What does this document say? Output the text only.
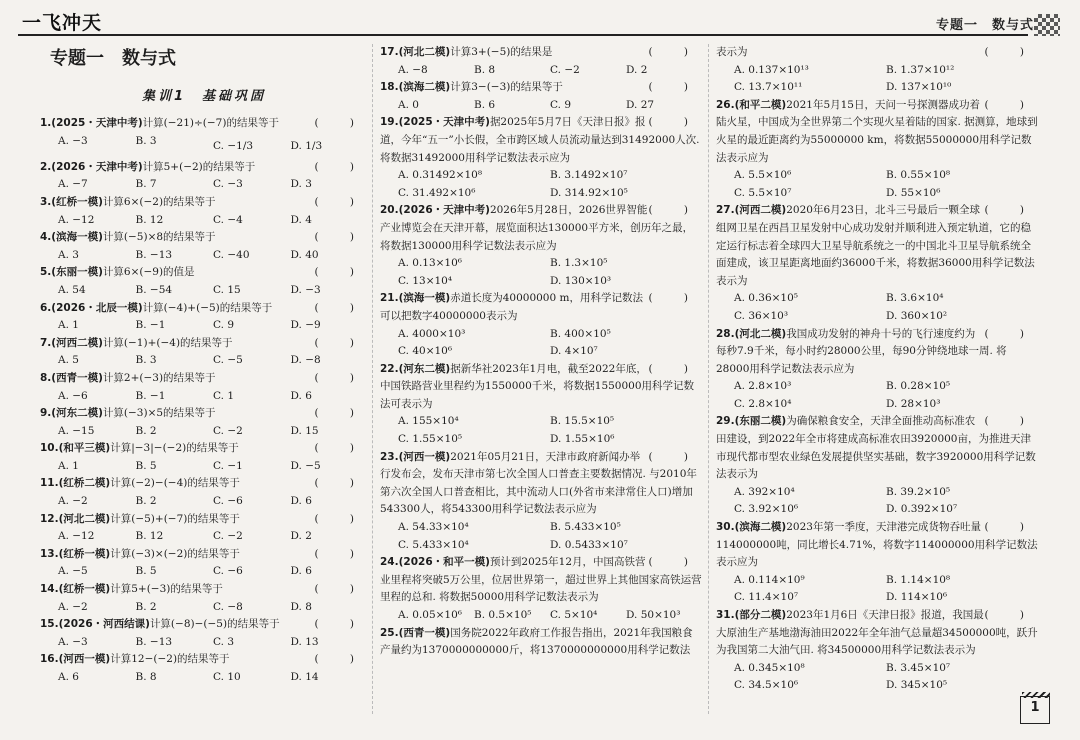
一飞冲天	专题一　数与式
专题一　数与式
集训1　基础巩固
( )
1.(2025・天津中考)计算(−21)÷(−7)的结果等于
A. −3	B. 3	C. −1/3	D. 1/3
( )
2.(2026・天津中考)计算5+(−2)的结果等于
A. −7	B. 7	C. −3	D. 3
( )
3.(红桥一模)计算6×(−2)的结果等于
A. −12	B. 12	C. −4	D. 4
( )
4.(滨海一模)计算(−5)×8的结果等于
A. 3	B. −13	C. −40	D. 40
( )
5.(东丽一模)计算6×(−9)的值是
A. 54	B. −54	C. 15	D. −3
( )
6.(2026・北辰一模)计算(−4)+(−5)的结果等于
A. 1	B. −1	C. 9	D. −9
( )
7.(河西二模)计算(−1)+(−4)的结果等于
A. 5	B. 3	C. −5	D. −8
( )
8.(西青一模)计算2+(−3)的结果等于
A. −6	B. −1	C. 1	D. 6
( )
9.(河东二模)计算(−3)×5的结果等于
A. −15	B. 2	C. −2	D. 15
( )
10.(和平三模)计算|−3|−(−2)的结果等于
A. 1	B. 5	C. −1	D. −5
( )
11.(红桥二模)计算(−2)−(−4)的结果等于
A. −2	B. 2	C. −6	D. 6
( )
12.(河北二模)计算(−5)+(−7)的结果等于
A. −12	B. 12	C. −2	D. 2
( )
13.(红桥一模)计算(−3)×(−2)的结果等于
A. −5	B. 5	C. −6	D. 6
( )
14.(红桥一模)计算5+(−3)的结果等于
A. −2	B. 2	C. −8	D. 8
( )
15.(2026・河西结课)计算(−8)−(−5)的结果等于
A. −3	B. −13	C. 3	D. 13
( )
16.(河西一模)计算12−(−2)的结果等于
A. 6	B. 8	C. 10	D. 14
( )
17.(河北二模)计算3+(−5)的结果是
A. −8	B. 8	C. −2	D. 2
( )
18.(滨海二模)计算3−(−3)的结果等于
A. 0	B. 6	C. 9	D. 27
( )
19.(2025・天津中考)据2025年5月7日《天津日报》报道，今年“五一”小长假，全市跨区域人员流动量达到31492000人次. 将数据31492000用科学记数法表示应为
A. 0.31492×10⁸	B. 3.1492×10⁷
C. 31.492×10⁶	D. 314.92×10⁵
( )
20.(2026・天津中考)2026年5月28日，2026世界智能产业博览会在天津开幕，展览面积达130000平方米，创历年之最，将数据130000用科学记数法表示应为
A. 0.13×10⁶	B. 1.3×10⁵
C. 13×10⁴	D. 130×10³
( )
21.(滨海一模)赤道长度为40000000 m，用科学记数法可以把数字40000000表示为
A. 4000×10³	B. 400×10⁵
C. 40×10⁶	D. 4×10⁷
( )
22.(河东二模)据新华社2023年1月电，截至2022年底，中国铁路营业里程约为1550000千米，将数据1550000用科学记数法可表示为
A. 155×10⁴	B. 15.5×10⁵
C. 1.55×10⁵	D. 1.55×10⁶
( )
23.(河西一模)2021年05月21日，天津市政府新闻办举行发布会，发布天津市第七次全国人口普查主要数据情况. 与2010年第六次全国人口普查相比，其中流动人口(外省市来津常住人口)增加543300人，将543300用科学记数法表示应为
A. 54.33×10⁴	B. 5.433×10⁵
C. 5.433×10⁴	D. 0.5433×10⁷
( )
24.(2026・和平一模)预计到2025年12月，中国高铁营业里程将突破5万公里，位居世界第一，超过世界上其他国家高铁运营里程的总和. 将数据50000用科学记数法表示为
A. 0.05×10⁶	B. 0.5×10⁵	C. 5×10⁴	D. 50×10³
25.(西青一模)国务院2022年政府工作报告指出，2021年我国粮食产量约为1370000000000斤，将1370000000000用科学记数法
( )
表示为
A. 0.137×10¹³	B. 1.37×10¹²
C. 13.7×10¹¹	D. 137×10¹⁰
( )
26.(和平二模)2021年5月15日，天问一号探测器成功着陆火星，中国成为全世界第二个实现火星着陆的国家. 据测算，地球到火星的最近距离约为55000000 km，将数据55000000用科学记数法表示应为
A. 5.5×10⁶	B. 0.55×10⁸
C. 5.5×10⁷	D. 55×10⁶
( )
27.(河西二模)2020年6月23日，北斗三号最后一颗全球组网卫星在西昌卫星发射中心成功发射并顺利进入预定轨道，它的稳定运行标志着全球四大卫星导航系统之一的中国北斗卫星导航系统全面建成，该卫星距离地面约36000千米，将数据36000用科学记数法表示为
A. 0.36×10⁵	B. 3.6×10⁴
C. 36×10³	D. 360×10²
( )
28.(河北二模)我国成功发射的神舟十号的飞行速度约为每秒7.9千米，每小时约28000公里，每90分钟绕地球一周. 将28000用科学记数法表示应为
A. 2.8×10³	B. 0.28×10⁵
C. 2.8×10⁴	D. 28×10³
( )
29.(东丽二模)为确保粮食安全，天津全面推动高标准农田建设，到2022年全市将建成高标准农田3920000亩，为推进天津市现代都市型农业绿色发展提供坚实基础，数字3920000用科学记数法表示为
A. 392×10⁴	B. 39.2×10⁵
C. 3.92×10⁶	D. 0.392×10⁷
( )
30.(滨海二模)2023年第一季度，天津港完成货物吞吐量114000000吨，同比增长4.71%，将数字114000000用科学记数法表示应为
A. 0.114×10⁹	B. 1.14×10⁸
C. 11.4×10⁷	D. 114×10⁶
( )
31.(部分二模)2023年1月6日《天津日报》报道，我国最大原油生产基地渤海油田2022年全年油气总量超34500000吨，跃升为我国第二大油气田. 将34500000用科学记数法表示为
A. 0.345×10⁸	B. 3.45×10⁷
C. 34.5×10⁶	D. 345×10⁵
1
